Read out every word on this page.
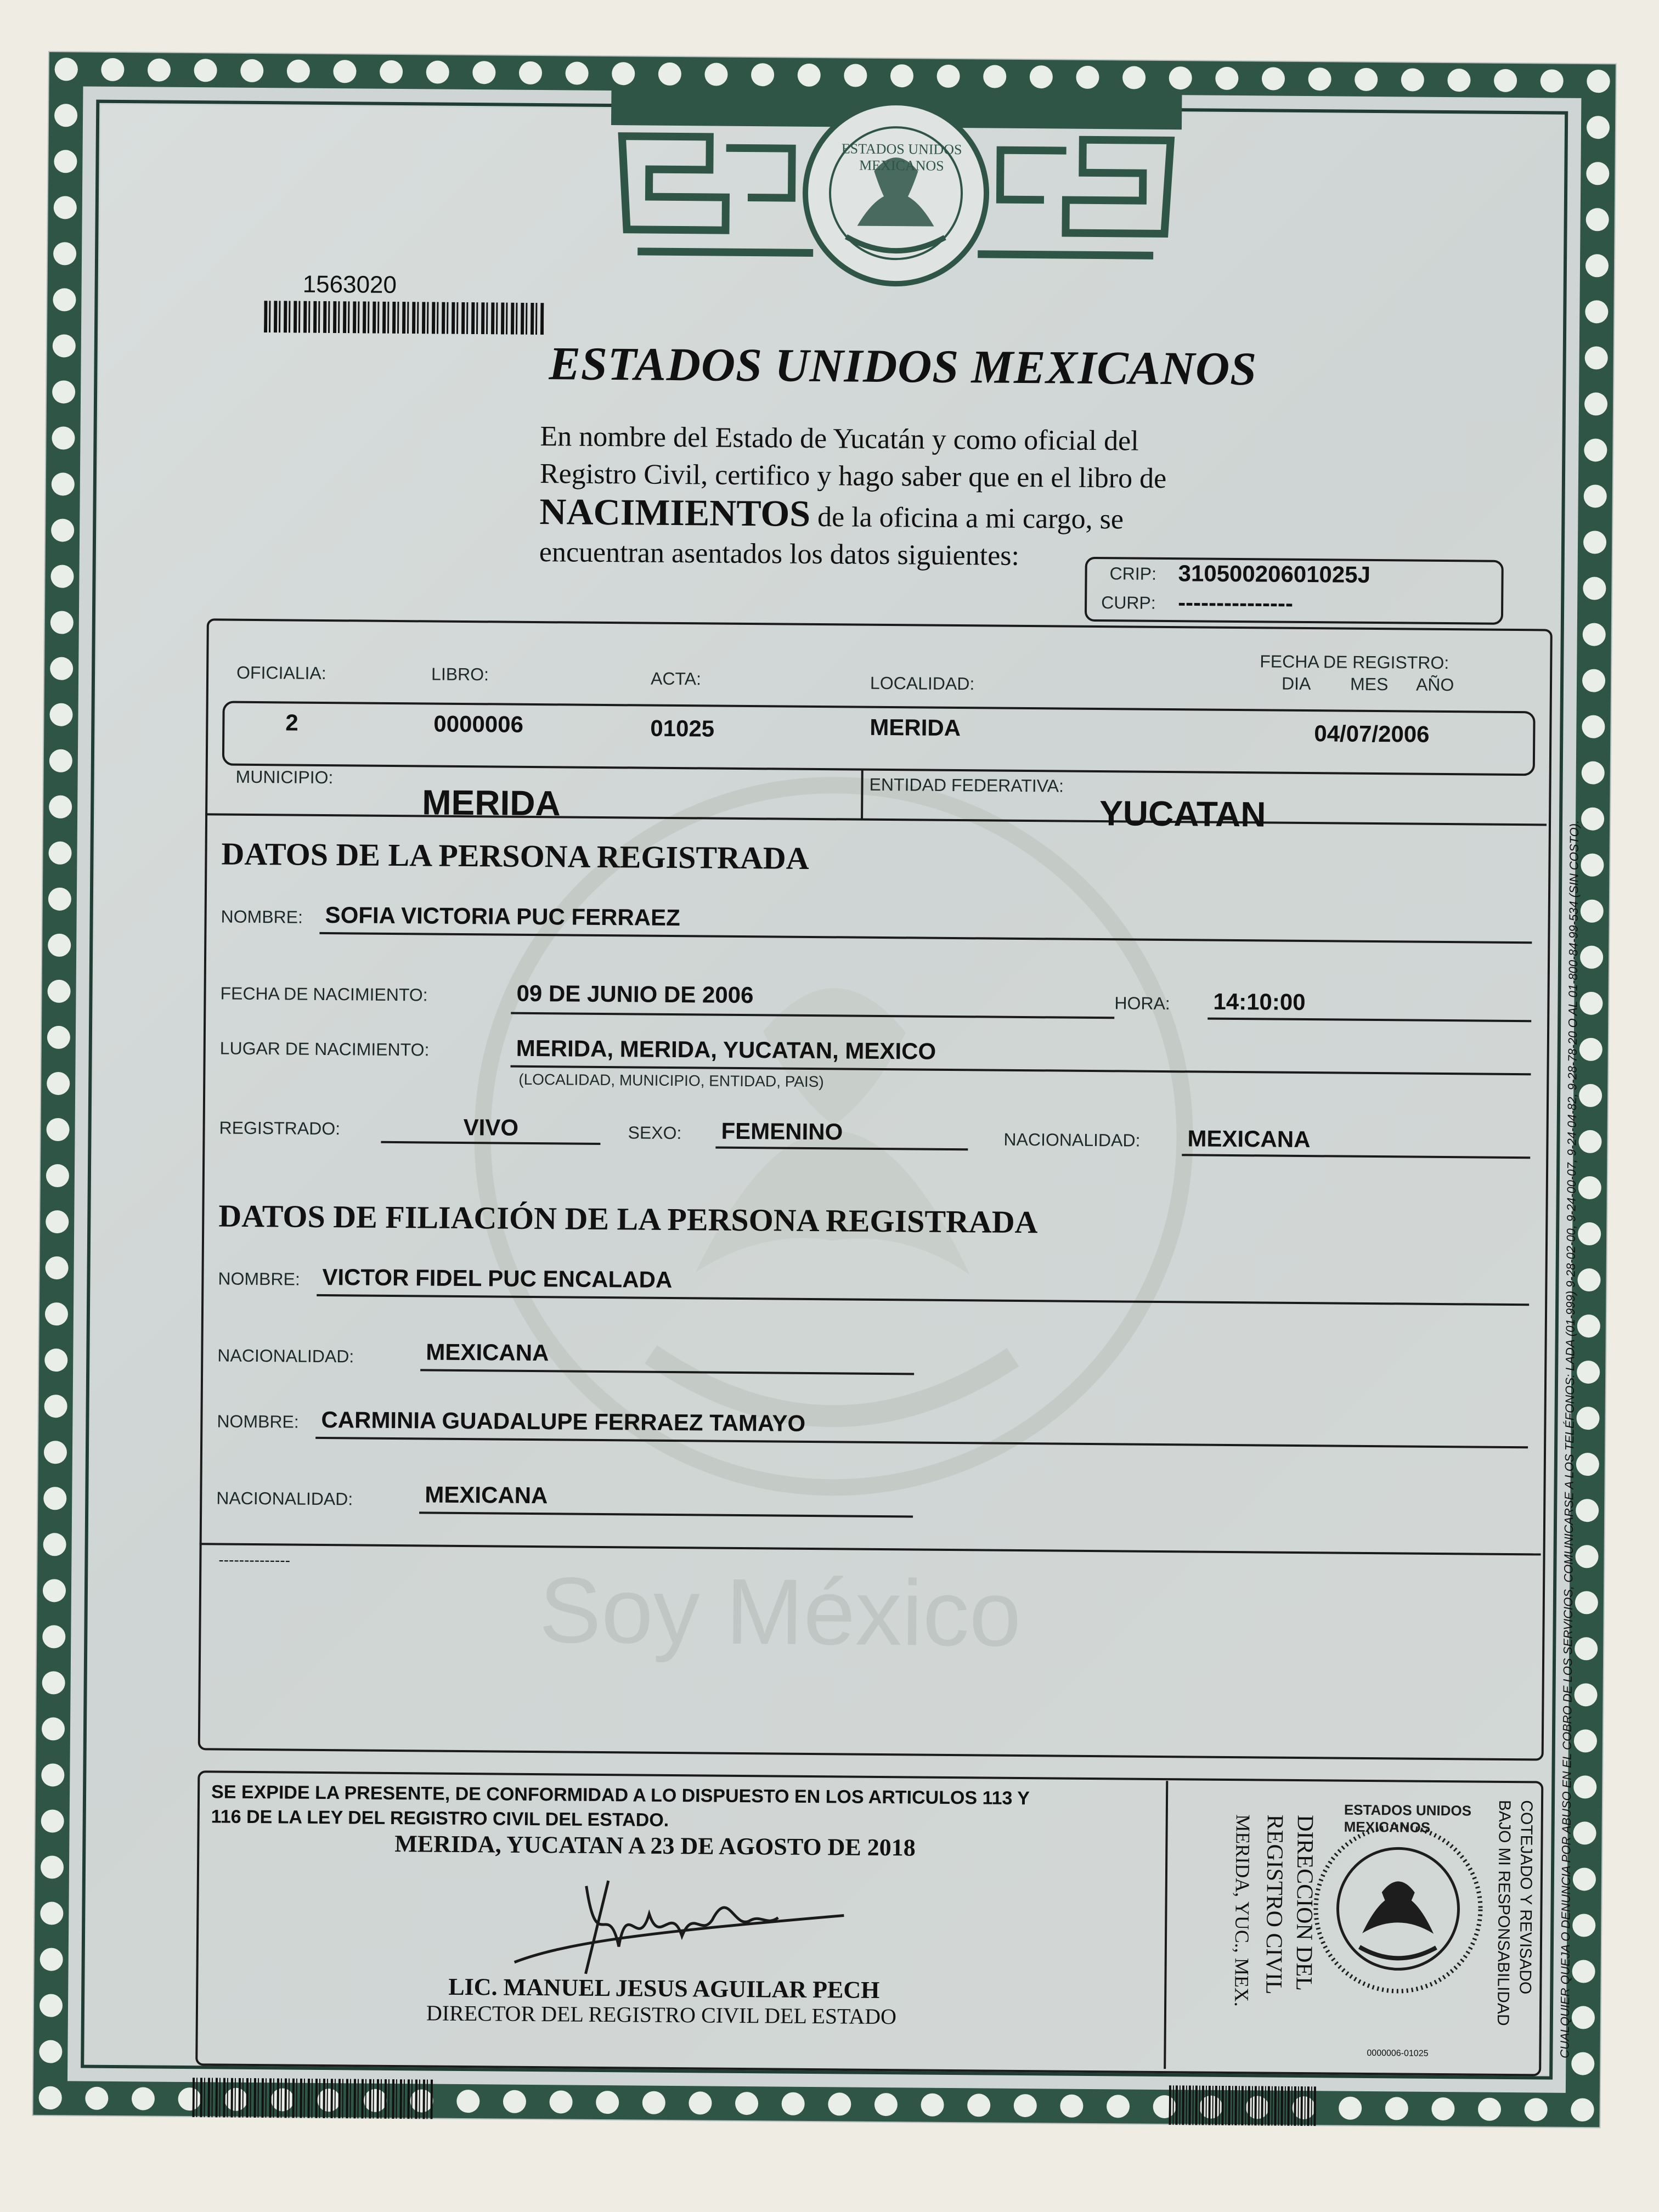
ESTADOS UNIDOS MEXICANOS
1563020
ESTADOS UNIDOS MEXICANOS
En nombre del Estado de Yucatán y como oficial del
Registro Civil, certifico y hago saber que en el libro de
NACIMIENTOS de la oficina a mi cargo, se
encuentran asentados los datos siguientes:
CRIP: 31050020601025J
CURP: ---------------
Soy México
OFICIALIA:	LIBRO:	ACTA:	LOCALIDAD:
FECHA DE REGISTRO:
DIA MES AÑO
2	0000006	01025	MERIDA	04/07/2006
MUNICIPIO:
MERIDA	ENTIDAD FEDERATIVA:
YUCATAN
DATOS DE LA PERSONA REGISTRADA
NOMBRE: SOFIA VICTORIA PUC FERRAEZ
FECHA DE NACIMIENTO:	09 DE JUNIO DE 2006	HORA: 14:10:00
LUGAR DE NACIMIENTO:	MERIDA, MERIDA, YUCATAN, MEXICO
(LOCALIDAD, MUNICIPIO, ENTIDAD, PAIS)
REGISTRADO:	VIVO	SEXO: FEMENINO	NACIONALIDAD: MEXICANA
DATOS DE FILIACIÓN DE LA PERSONA REGISTRADA
NOMBRE: VICTOR FIDEL PUC ENCALADA
NACIONALIDAD:	MEXICANA
NOMBRE: CARMINIA GUADALUPE FERRAEZ TAMAYO
NACIONALIDAD:	MEXICANA
--------------
SE EXPIDE LA PRESENTE, DE CONFORMIDAD A LO DISPUESTO EN LOS ARTICULOS 113 Y
116 DE LA LEY DEL REGISTRO CIVIL DEL ESTADO.
MERIDA, YUCATAN A 23 DE AGOSTO DE 2018
LIC. MANUEL JESUS AGUILAR PECH
DIRECTOR DEL REGISTRO CIVIL DEL ESTADO
DIRECCION DEL
REGISTRO CIVIL
MERIDA, YUC., MEX.
ESTADOS UNIDOS MEXICANOS
0000006-01025
COTEJADO Y REVISADO
BAJO MI RESPONSABILIDAD	CUALQUIER QUEJA O DENUNCIA POR ABUSO EN EL COBRO DE LOS SERVICIOS, COMUNICARSE A LOS TELÉFONOS: LADA (01-999) 9-28-02-00, 9-24-00-07, 9-24-04-82, 9-28-78-20 O AL 01-800-84-99-534 (SIN COSTO).
